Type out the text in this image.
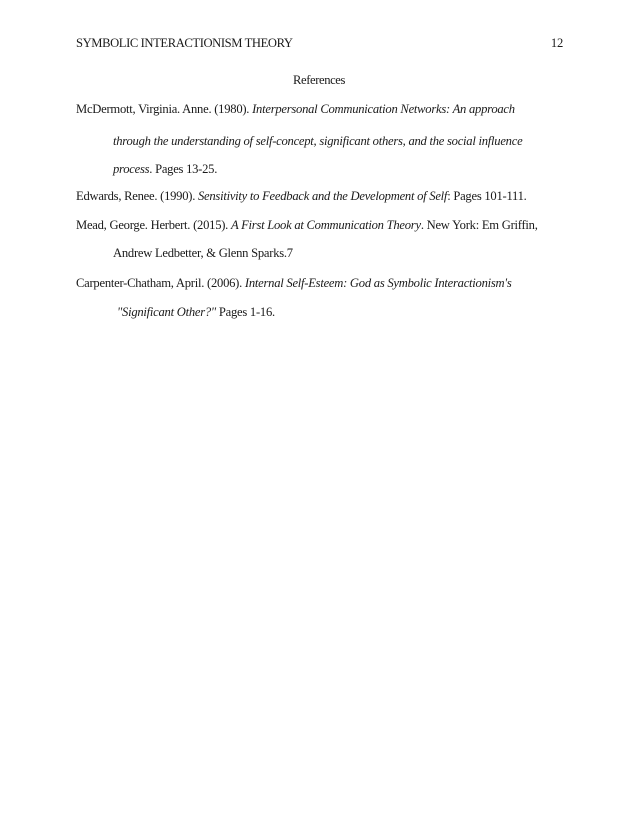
SYMBOLIC INTERACTIONISM THEORY	12
References
McDermott, Virginia. Anne. (1980). Interpersonal Communication Networks: An approach
through the understanding of self-concept, significant others, and the social influence
process. Pages 13-25.
Edwards, Renee. (1990). Sensitivity to Feedback and the Development of Self: Pages 101-111.
Mead, George. Herbert. (2015). A First Look at Communication Theory. New York: Em Griffin,
Andrew Ledbetter, & Glenn Sparks.7
Carpenter-Chatham, April. (2006). Internal Self-Esteem: God as Symbolic Interactionism's
"Significant Other?" Pages 1-16.
